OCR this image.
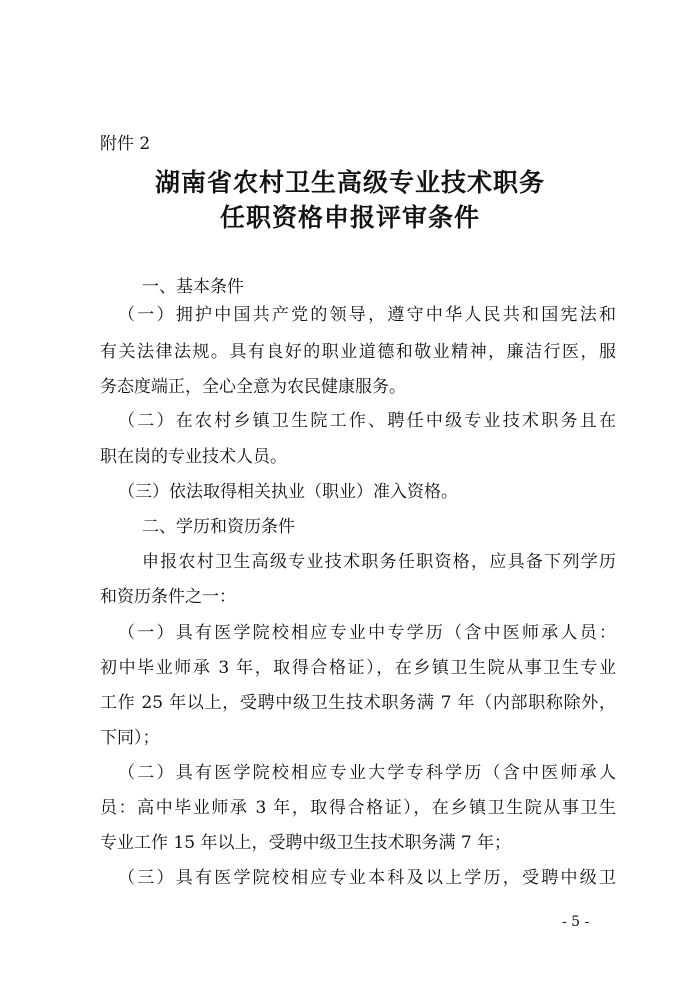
附件 2

湖南省农村卫生高级专业技术职务
任职资格申报评审条件

一、基本条件

（一）拥护中国共产党的领导，遵守中华人民共和国宪法和

有关法律法规。具有良好的职业道德和敬业精神，廉洁行医，服

务态度端正，全心全意为农民健康服务。

（二）在农村乡镇卫生院工作、聘任中级专业技术职务且在

职在岗的专业技术人员。

（三）依法取得相关执业（职业）准入资格。

二、学历和资历条件

申报农村卫生高级专业技术职务任职资格，应具备下列学历

和资历条件之一：

（一）具有医学院校相应专业中专学历（含中医师承人员：

初中毕业师承 3 年，取得合格证），在乡镇卫生院从事卫生专业

工作 25 年以上，受聘中级卫生技术职务满 7 年（内部职称除外，

下同）；

（二）具有医学院校相应专业大学专科学历（含中医师承人

员：高中毕业师承 3 年，取得合格证），在乡镇卫生院从事卫生

专业工作 15 年以上，受聘中级卫生技术职务满 7 年；

（三）具有医学院校相应专业本科及以上学历，受聘中级卫

- 5 -
